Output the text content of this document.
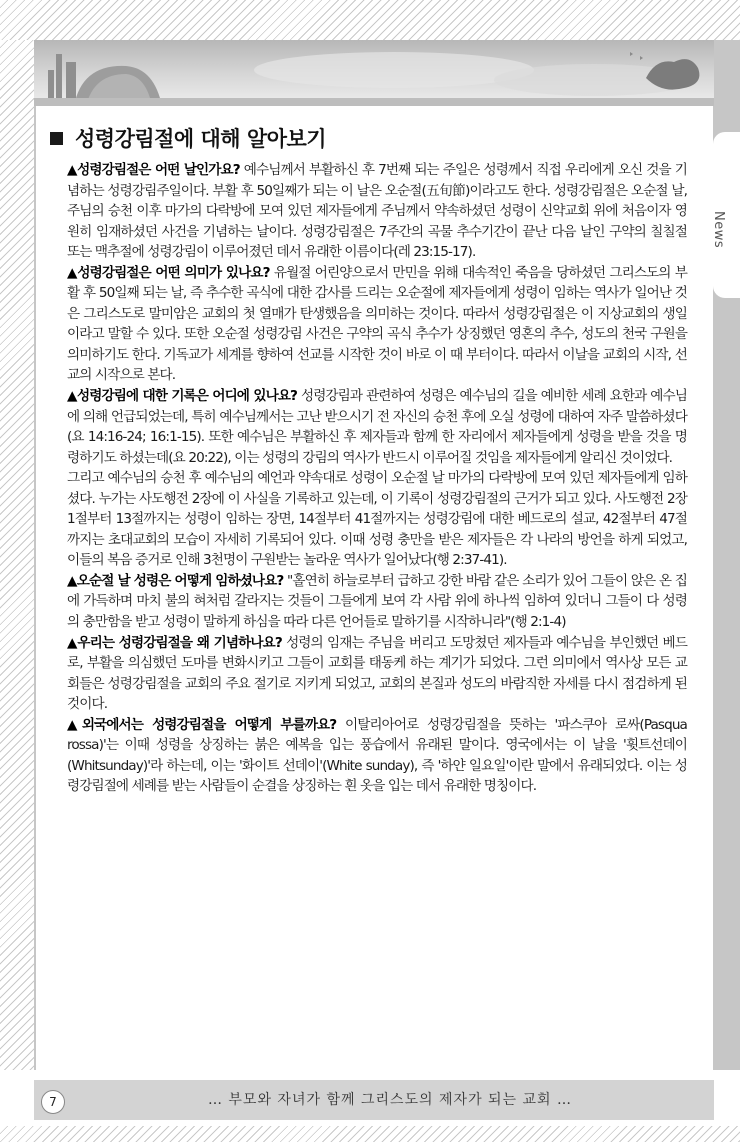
News
성령강림절에 대해 알아보기

▲성령강림절은 어떤 날인가요? 예수님께서 부활하신 후 7번째 되는 주일은 성령께서 직접 우리에게 오신 것을 기념하는 성령강림주일이다. 부활 후 50일째가 되는 이 날은 오순절(五旬節)이라고도 한다. 성령강림절은 오순절 날, 주님의 승천 이후 마가의 다락방에 모여 있던 제자들에게 주님께서 약속하셨던 성령이 신약교회 위에 처음이자 영원히 임재하셨던 사건을 기념하는 날이다. 성령강림절은 7주간의 곡물 추수기간이 끝난 다음 날인 구약의 칠칠절 또는 맥추절에 성령강림이 이루어졌던 데서 유래한 이름이다(레 23:15-17).

▲성령강림절은 어떤 의미가 있나요? 유월절 어린양으로서 만민을 위해 대속적인 죽음을 당하셨던 그리스도의 부활 후 50일째 되는 날, 즉 추수한 곡식에 대한 감사를 드리는 오순절에 제자들에게 성령이 임하는 역사가 일어난 것은 그리스도로 말미암은 교회의 첫 열매가 탄생했음을 의미하는 것이다. 따라서 성령강림절은 이 지상교회의 생일이라고 말할 수 있다. 또한 오순절 성령강림 사건은 구약의 곡식 추수가 상징했던 영혼의 추수, 성도의 천국 구원을 의미하기도 한다. 기독교가 세계를 향하여 선교를 시작한 것이 바로 이 때 부터이다. 따라서 이날을 교회의 시작, 선교의 시작으로 본다.

▲성령강림에 대한 기록은 어디에 있나요? 성령강림과 관련하여 성령은 예수님의 길을 예비한 세례 요한과 예수님에 의해 언급되었는데, 특히 예수님께서는 고난 받으시기 전 자신의 승천 후에 오실 성령에 대하여 자주 말씀하셨다(요 14:16-24; 16:1-15). 또한 예수님은 부활하신 후 제자들과 함께 한 자리에서 제자들에게 성령을 받을 것을 명령하기도 하셨는데(요 20:22), 이는 성령의 강림의 역사가 반드시 이루어질 것임을 제자들에게 알리신 것이었다.

그리고 예수님의 승천 후 예수님의 예언과 약속대로 성령이 오순절 날 마가의 다락방에 모여 있던 제자들에게 임하셨다. 누가는 사도행전 2장에 이 사실을 기록하고 있는데, 이 기록이 성령강림절의 근거가 되고 있다. 사도행전 2장 1절부터 13절까지는 성령이 임하는 장면, 14절부터 41절까지는 성령강림에 대한 베드로의 설교, 42절부터 47절까지는 초대교회의 모습이 자세히 기록되어 있다. 이때 성령 충만을 받은 제자들은 각 나라의 방언을 하게 되었고, 이들의 복음 증거로 인해 3천명이 구원받는 놀라운 역사가 일어났다(행 2:37-41).

▲오순절 날 성령은 어떻게 임하셨나요? "홀연히 하늘로부터 급하고 강한 바람 같은 소리가 있어 그들이 앉은 온 집에 가득하며 마치 불의 혀처럼 갈라지는 것들이 그들에게 보여 각 사람 위에 하나씩 임하여 있더니 그들이 다 성령의 충만함을 받고 성령이 말하게 하심을 따라 다른 언어들로 말하기를 시작하니라"(행 2:1-4)

▲우리는 성령강림절을 왜 기념하나요? 성령의 임재는 주님을 버리고 도망쳤던 제자들과 예수님을 부인했던 베드로, 부활을 의심했던 도마를 변화시키고 그들이 교회를 태동케 하는 계기가 되었다. 그런 의미에서 역사상 모든 교회들은 성령강림절을 교회의 주요 절기로 지키게 되었고, 교회의 본질과 성도의 바람직한 자세를 다시 점검하게 된 것이다.

▲외국에서는 성령강림절을 어떻게 부를까요? 이탈리아어로 성령강림절을 뜻하는 '파스쿠아 로싸(Pasqua rossa)'는 이때 성령을 상징하는 붉은 예복을 입는 풍습에서 유래된 말이다. 영국에서는 이 날을 '휫트선데이(Whitsunday)'라 하는데, 이는 '화이트 선데이'(White sunday), 즉 '하얀 일요일'이란 말에서 유래되었다. 이는 성령강림절에 세례를 받는 사람들이 순결을 상징하는 흰 옷을 입는 데서 유래한 명칭이다.

7	… 부모와 자녀가 함께 그리스도의 제자가 되는 교회 …
